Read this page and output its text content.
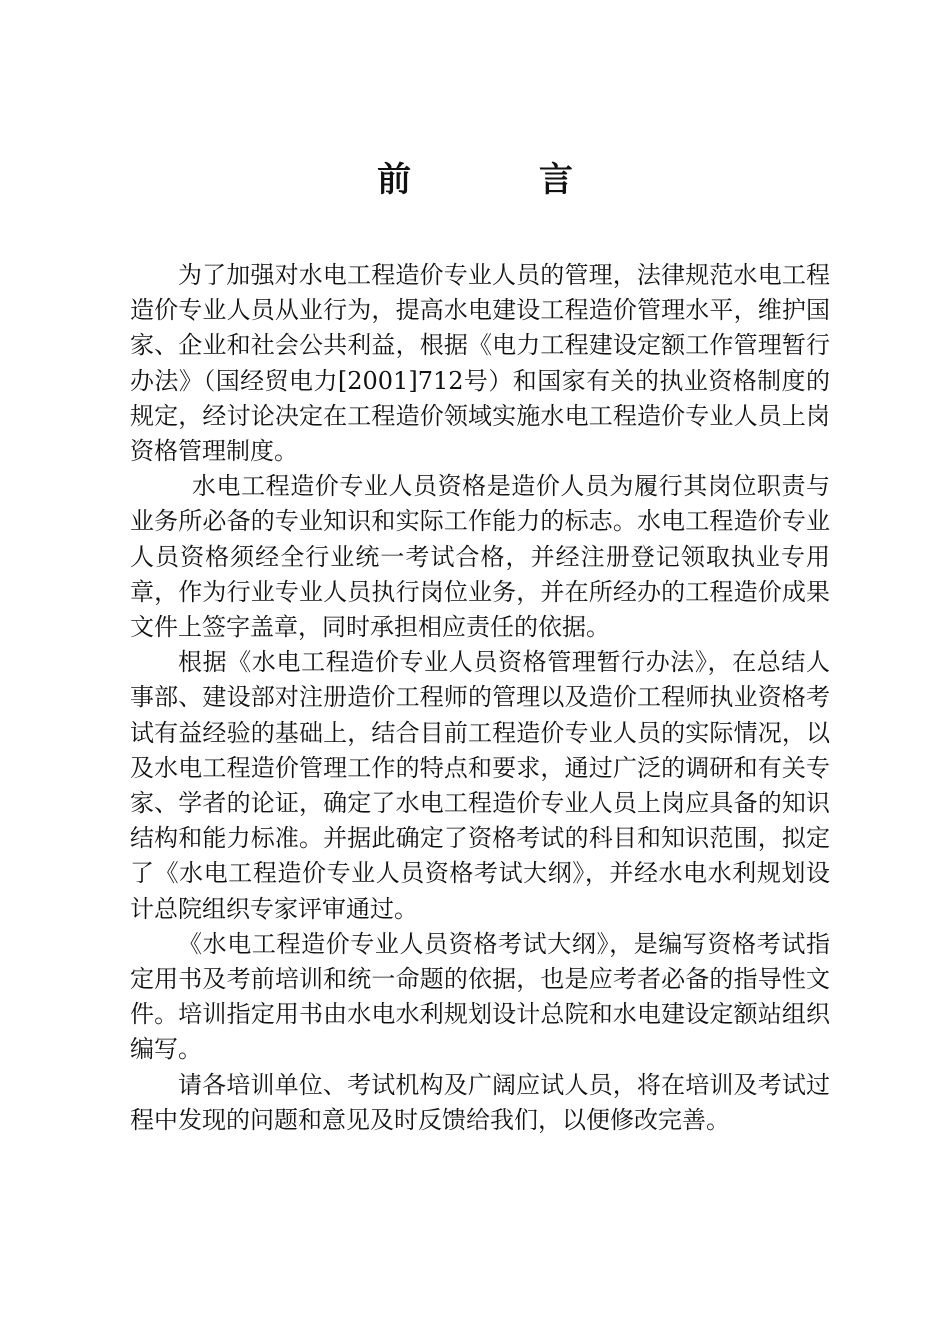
前 言

为了加强对水电工程造价专业人员的管理，法律规范水电工程造价专业人员从业行为，提高水电建设工程造价管理水平，维护国家、企业和社会公共利益，根据《电力工程建设定额工作管理暂行办法》（国经贸电力[2001]712号）和国家有关的执业资格制度的规定，经讨论决定在工程造价领域实施水电工程造价专业人员上岗资格管理制度。

水电工程造价专业人员资格是造价人员为履行其岗位职责与业务所必备的专业知识和实际工作能力的标志。水电工程造价专业人员资格须经全行业统一考试合格，并经注册登记领取执业专用章，作为行业专业人员执行岗位业务，并在所经办的工程造价成果文件上签字盖章，同时承担相应责任的依据。

根据《水电工程造价专业人员资格管理暂行办法》，在总结人事部、建设部对注册造价工程师的管理以及造价工程师执业资格考试有益经验的基础上，结合目前工程造价专业人员的实际情况，以及水电工程造价管理工作的特点和要求，通过广泛的调研和有关专家、学者的论证，确定了水电工程造价专业人员上岗应具备的知识结构和能力标准。并据此确定了资格考试的科目和知识范围，拟定了《水电工程造价专业人员资格考试大纲》，并经水电水利规划设计总院组织专家评审通过。

《水电工程造价专业人员资格考试大纲》，是编写资格考试指定用书及考前培训和统一命题的依据，也是应考者必备的指导性文件。培训指定用书由水电水利规划设计总院和水电建设定额站组织编写。

请各培训单位、考试机构及广阔应试人员，将在培训及考试过程中发现的问题和意见及时反馈给我们，以便修改完善。
